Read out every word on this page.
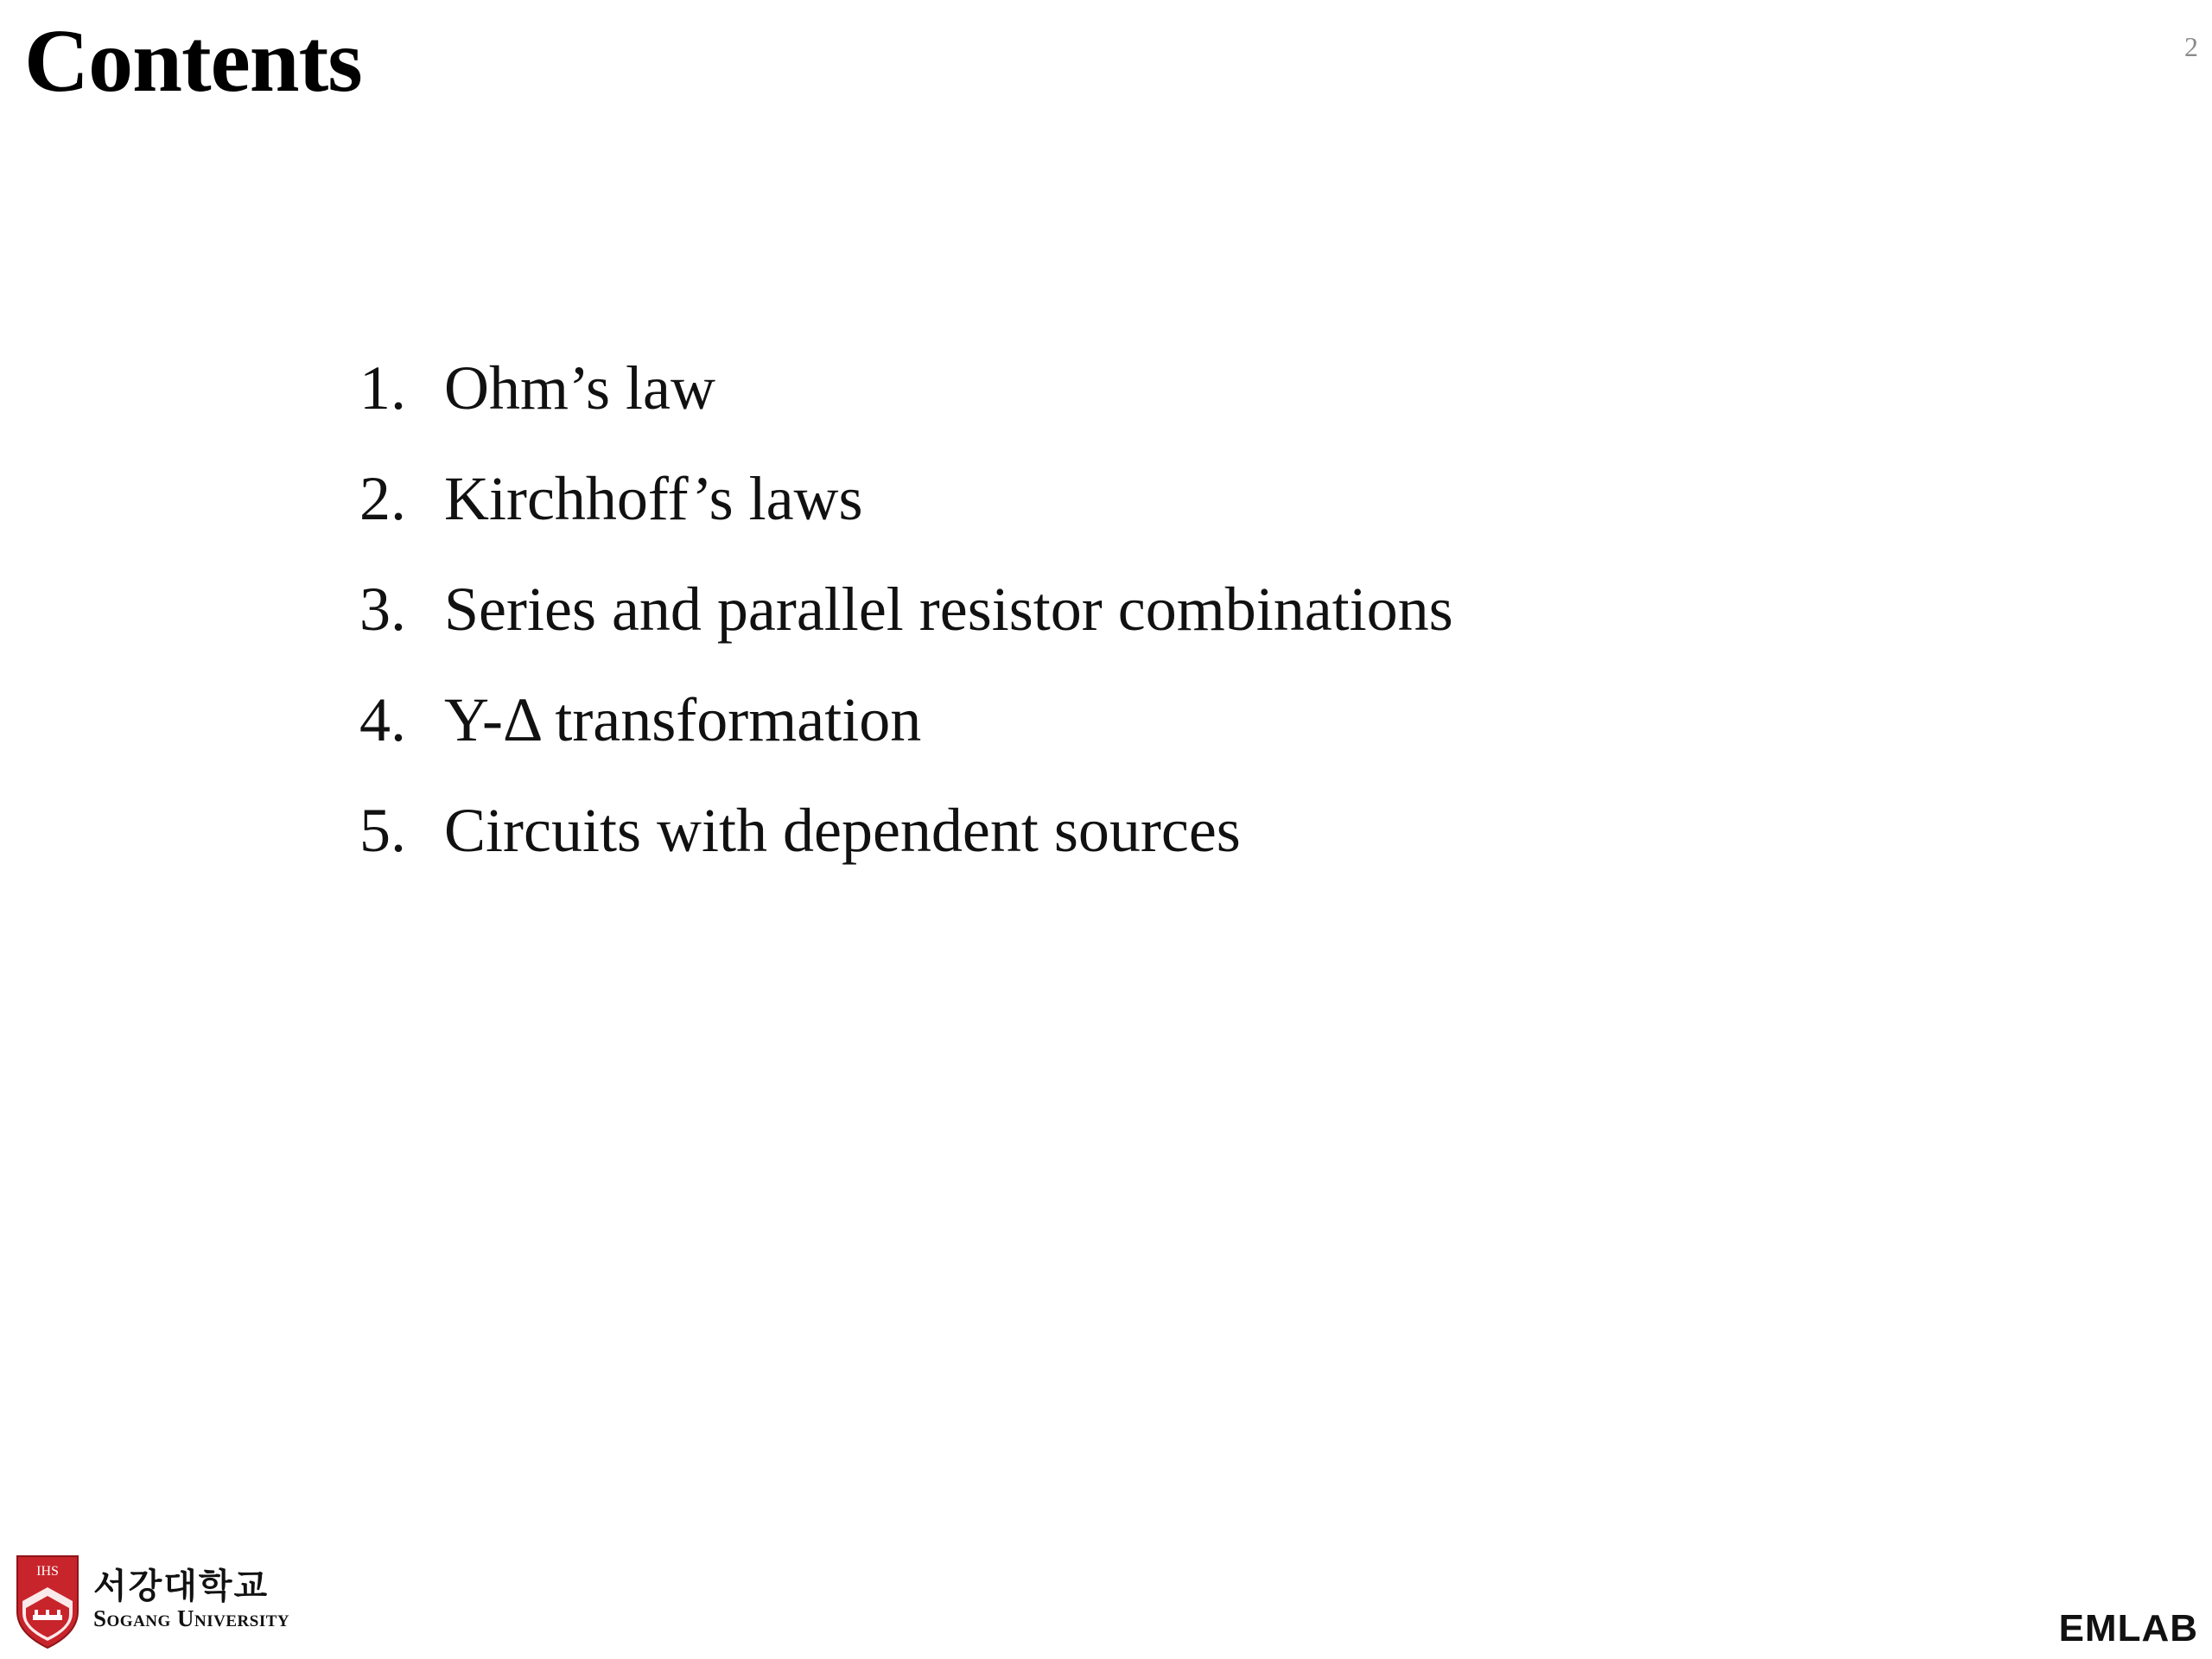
Contents	2
1. Ohm’s law
2. Kirchhoff’s laws
3. Series and parallel resistor combinations
4. Y-Δ transformation
5. Circuits with dependent sources
IHS 서강대학교
Sogang University	EMLAB
